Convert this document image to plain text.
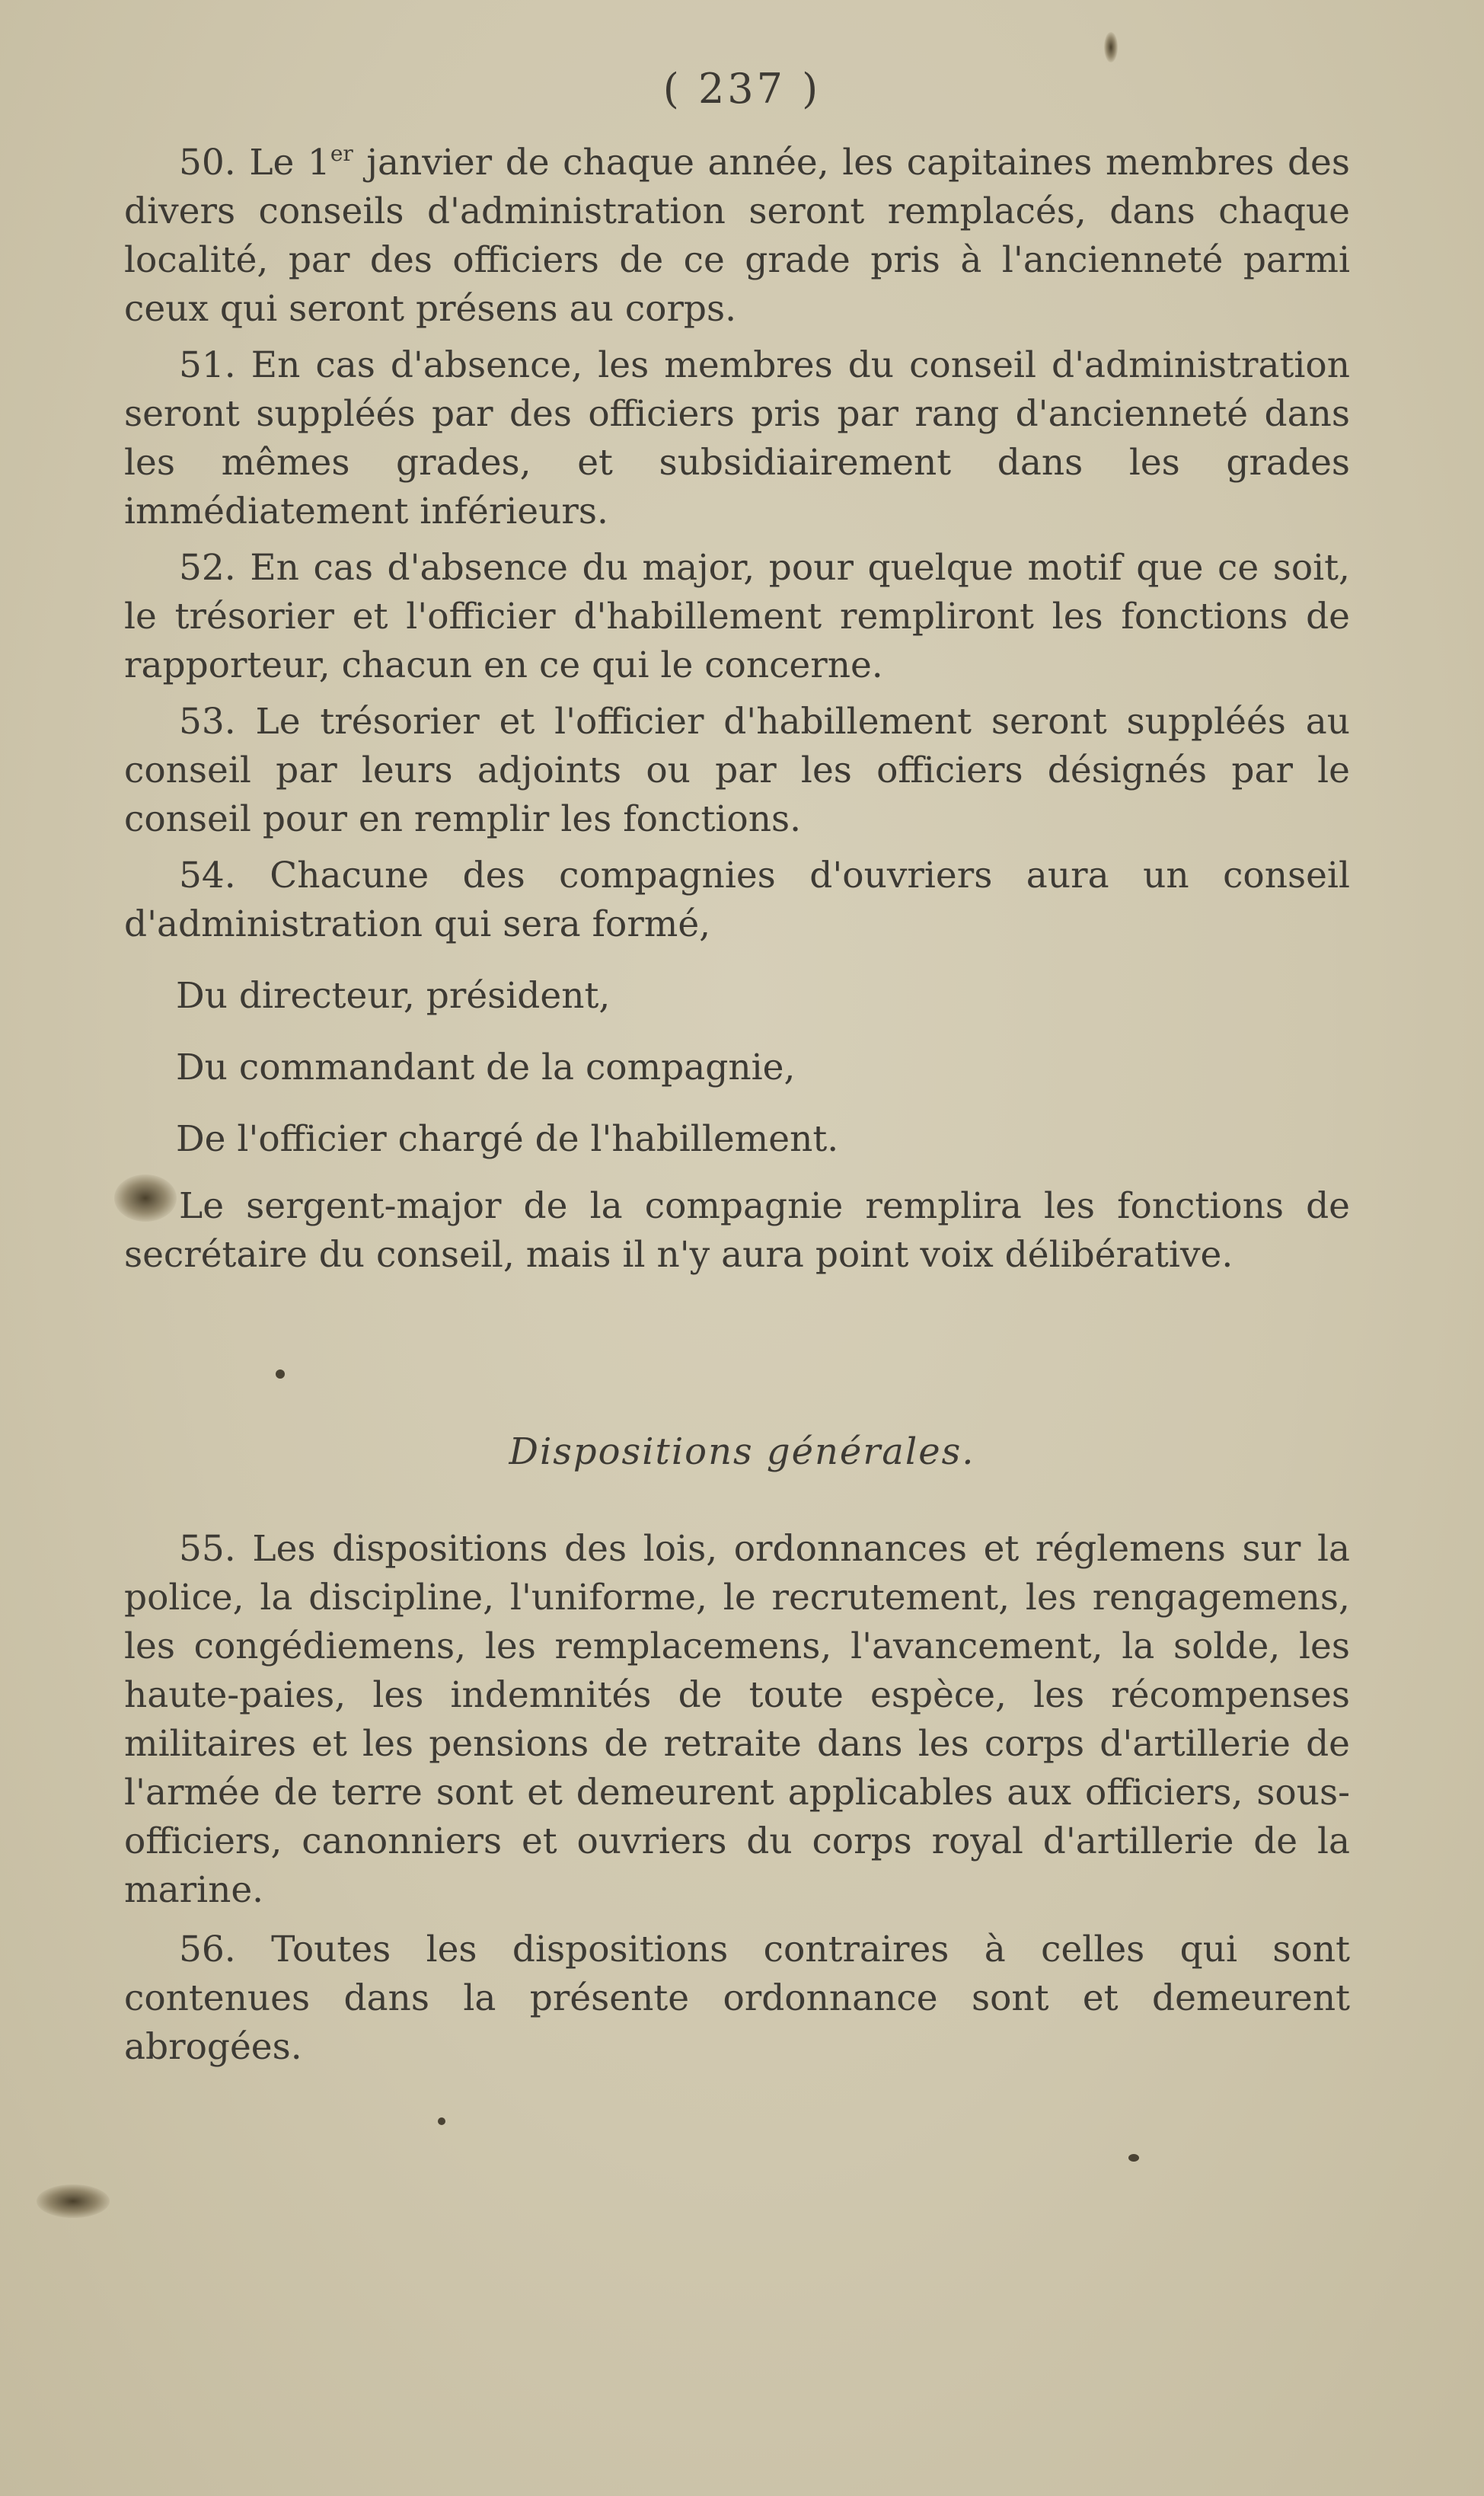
( 237 )

50. Le 1er janvier de chaque année, les capitaines membres des divers conseils d'administration seront remplacés, dans chaque localité, par des officiers de ce grade pris à l'ancienneté parmi ceux qui seront présens au corps.

51. En cas d'absence, les membres du conseil d'administration seront suppléés par des officiers pris par rang d'ancienneté dans les mêmes grades, et subsidiairement dans les grades immédiatement inférieurs.

52. En cas d'absence du major, pour quelque motif que ce soit, le trésorier et l'officier d'habillement rempliront les fonctions de rapporteur, chacun en ce qui le concerne.

53. Le trésorier et l'officier d'habillement seront suppléés au conseil par leurs adjoints ou par les officiers désignés par le conseil pour en remplir les fonctions.

54. Chacune des compagnies d'ouvriers aura un conseil d'administration qui sera formé,

Du directeur, président,

Du commandant de la compagnie,

De l'officier chargé de l'habillement.

Le sergent-major de la compagnie remplira les fonctions de secrétaire du conseil, mais il n'y aura point voix délibérative.

Dispositions générales.

55. Les dispositions des lois, ordonnances et réglemens sur la police, la discipline, l'uniforme, le recrutement, les rengagemens, les congédiemens, les remplacemens, l'avancement, la solde, les haute-paies, les indemnités de toute espèce, les récompenses militaires et les pensions de retraite dans les corps d'artillerie de l'armée de terre sont et demeurent applicables aux officiers, sous-officiers, canonniers et ouvriers du corps royal d'artillerie de la marine.

56. Toutes les dispositions contraires à celles qui sont contenues dans la présente ordonnance sont et demeurent abrogées.
